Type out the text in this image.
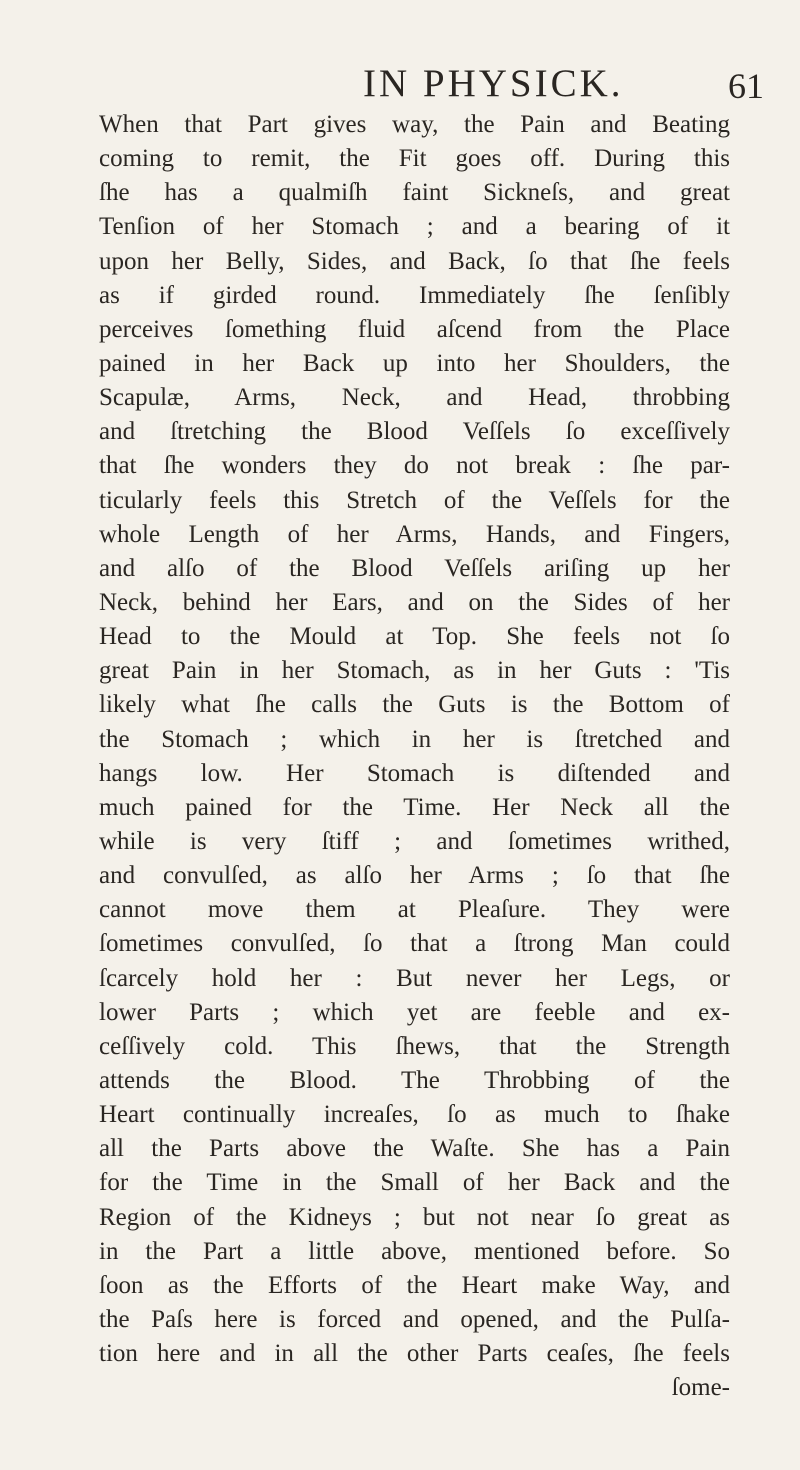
IN PHYSICK.	61
When that Part gives way, the Pain and Beating
coming to remit, the Fit goes off. During this
ſhe has a qualmiſh faint Sickneſs, and great
Tenſion of her Stomach ; and a bearing of it
upon her Belly, Sides, and Back, ſo that ſhe feels
as if girded round. Immediately ſhe ſenſibly
perceives ſomething fluid aſcend from the Place
pained in her Back up into her Shoulders, the
Scapulæ, Arms, Neck, and Head, throbbing
and ſtretching the Blood Veſſels ſo exceſſively
that ſhe wonders they do not break : ſhe par-
ticularly feels this Stretch of the Veſſels for the
whole Length of her Arms, Hands, and Fingers,
and alſo of the Blood Veſſels ariſing up her
Neck, behind her Ears, and on the Sides of her
Head to the Mould at Top. She feels not ſo
great Pain in her Stomach, as in her Guts : 'Tis
likely what ſhe calls the Guts is the Bottom of
the Stomach ; which in her is ſtretched and
hangs low. Her Stomach is diſtended and
much pained for the Time. Her Neck all the
while is very ſtiff ; and ſometimes writhed,
and convulſed, as alſo her Arms ; ſo that ſhe
cannot move them at Pleaſure. They were
ſometimes convulſed, ſo that a ſtrong Man could
ſcarcely hold her : But never her Legs, or
lower Parts ; which yet are feeble and ex-
ceſſively cold. This ſhews, that the Strength
attends the Blood. The Throbbing of the
Heart continually increaſes, ſo as much to ſhake
all the Parts above the Waſte. She has a Pain
for the Time in the Small of her Back and the
Region of the Kidneys ; but not near ſo great as
in the Part a little above, mentioned before. So
ſoon as the Efforts of the Heart make Way, and
the Paſs here is forced and opened, and the Pulſa-
tion here and in all the other Parts ceaſes, ſhe feels
ſome-
